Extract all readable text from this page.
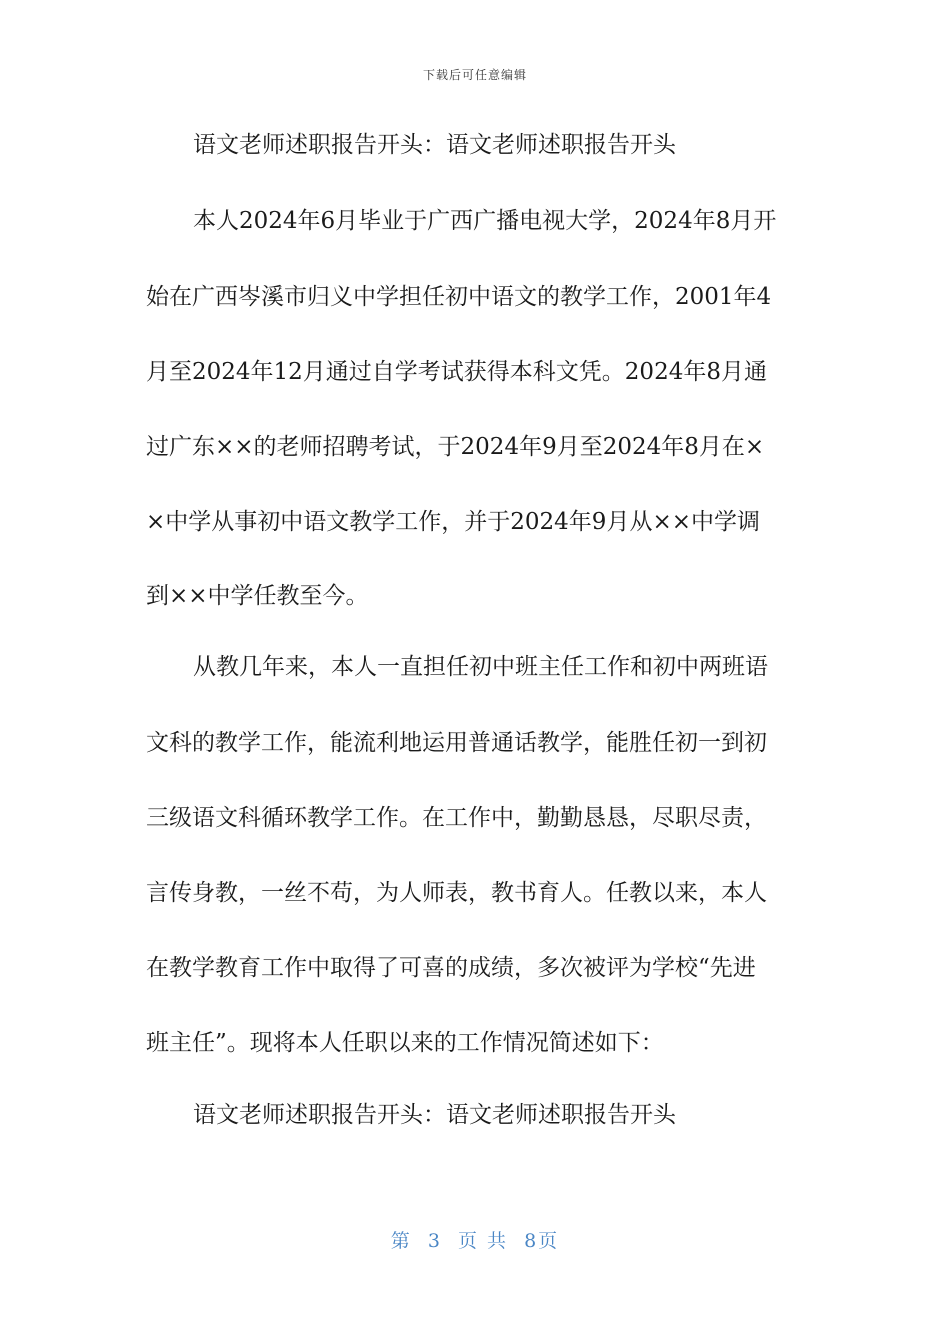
下载后可任意编辑
语文老师述职报告开头：语文老师述职报告开头
本人2024年6月毕业于广西广播电视大学，2024年8月开
始在广西岑溪市归义中学担任初中语文的教学工作，2001年4
月至2024年12月通过自学考试获得本科文凭。2024年8月通
过广东××的老师招聘考试，于2024年9月至2024年8月在×
×中学从事初中语文教学工作，并于2024年9月从××中学调
到××中学任教至今。
从教几年来，本人一直担任初中班主任工作和初中两班语
文科的教学工作，能流利地运用普通话教学，能胜任初一到初
三级语文科循环教学工作。在工作中，勤勤恳恳，尽职尽责，
言传身教，一丝不苟，为人师表，教书育人。任教以来，本人
在教学教育工作中取得了可喜的成绩，多次被评为学校“先进
班主任”。现将本人任职以来的工作情况简述如下：
语文老师述职报告开头：语文老师述职报告开头
第 3 页 共 8页
